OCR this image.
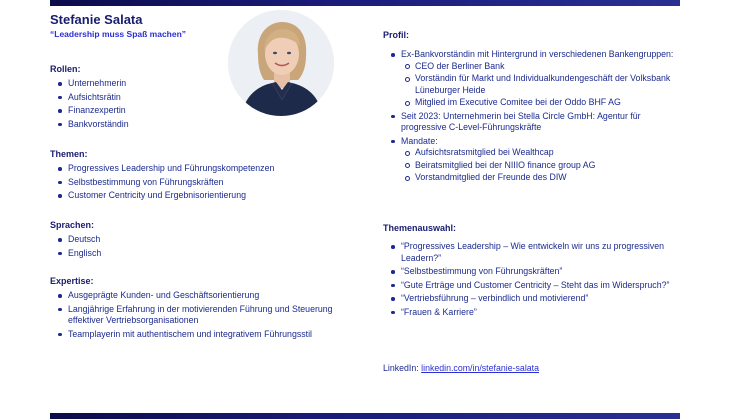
Stefanie Salata

“Leadership muss Spaß machen”

Rollen:
Unternehmerin
Aufsichtsrätin
Finanzexpertin
Bankvorständin
Themen:
Progressives Leadership und Führungskompetenzen
Selbstbestimmung von Führungskräften
Customer Centricity und Ergebnisorientierung
Sprachen:
Deutsch
Englisch
Expertise:
Ausgeprägte Kunden- und Geschäftsorientierung
Langjährige Erfahrung in der motivierenden Führung und Steuerung effektiver Vertriebsorganisationen
Teamplayerin mit authentischem und integrativem Führungsstil
Profil:
Ex-Bankvorständin mit Hintergrund in verschiedenen Bankengruppen:
CEO der Berliner Bank
Vorständin für Markt und Individualkundengeschäft der Volksbank Lüneburger Heide
Mitglied im Executive Comitee bei der Oddo BHF AG
Seit 2023: Unternehmerin bei Stella Circle GmbH: Agentur für progressive C-Level-Führungskräfte
Mandate:
Aufsichtsratsmitglied bei Wealthcap
Beiratsmitglied bei der NIIIO finance group AG
Vorstandmitglied der Freunde des DIW
Themenauswahl:
“Progressives Leadership – Wie entwickeln wir uns zu progressiven Leadern?”
“Selbstbestimmung von Führungskräften”
“Gute Erträge und Customer Centricity – Steht das im Widerspruch?”
“Vertriebsführung – verbindlich und motivierend”
“Frauen & Karriere”
LinkedIn: linkedin.com/in/stefanie-salata
